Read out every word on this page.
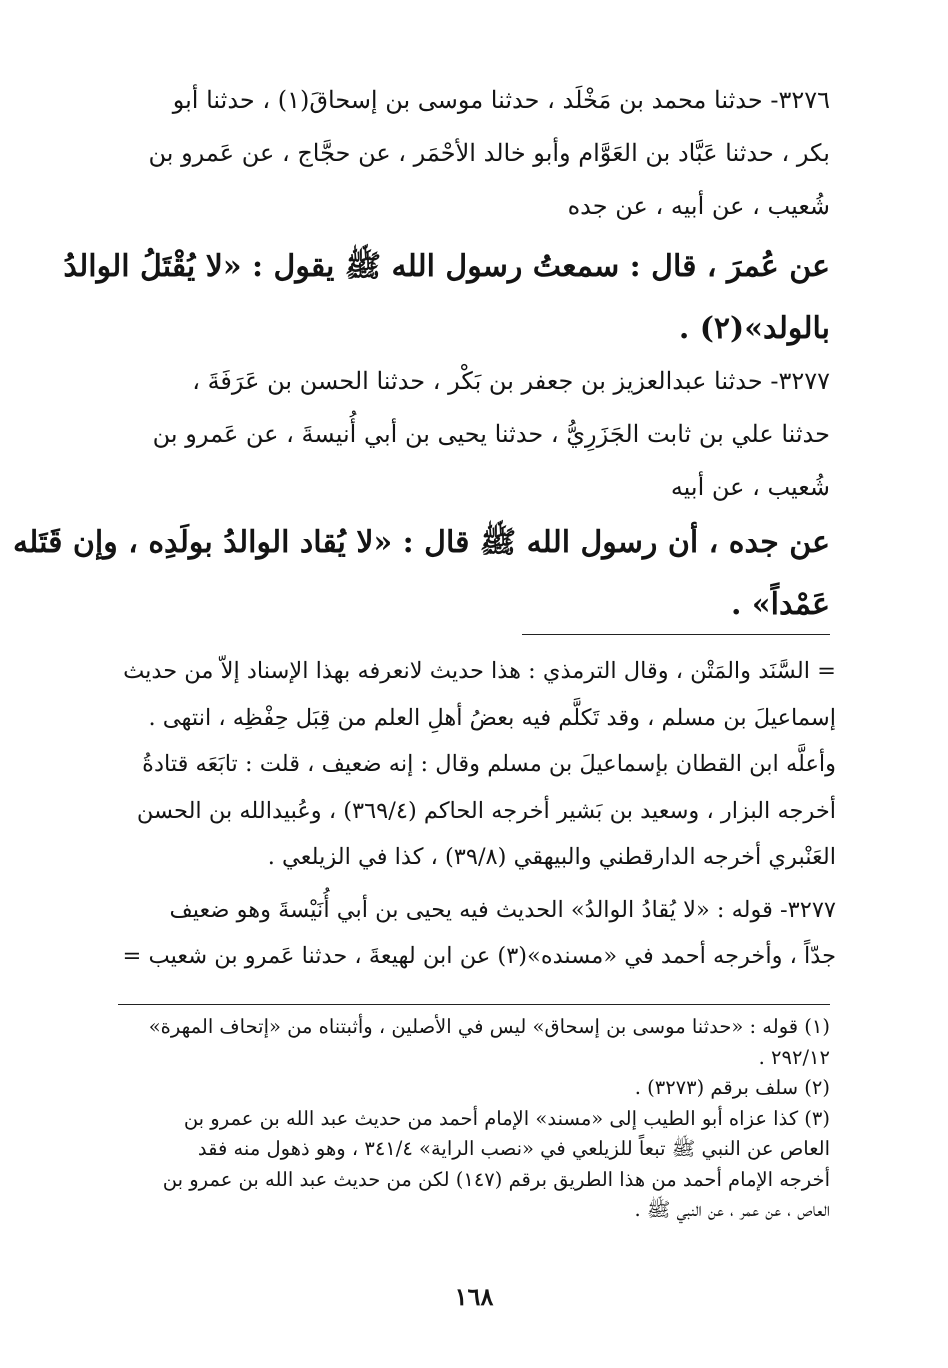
٣٢٧٦- حدثنا محمد بن مَخْلَد ، حدثنا موسى بن إسحاقَ(١) ، حدثنا أبو
بكر ، حدثنا عَبَّاد بن العَوَّام وأبو خالد الأحْمَر ، عن حجَّاج ، عن عَمرو بن
شُعيب ، عن أبيه ، عن جده
عن عُمرَ ، قال : سمعتُ رسول الله ﷺ يقول : «لا يُقْتَلُ الوالدُ
بالولد»(٢) .
٣٢٧٧- حدثنا عبدالعزيز بن جعفر بن بَكْر ، حدثنا الحسن بن عَرَفَةَ ،
حدثنا علي بن ثابت الجَزَرِيُّ ، حدثنا يحيى بن أبي أُنيسةَ ، عن عَمرو بن
شُعيب ، عن أبيه
عن جده ، أن رسول الله ﷺ قال : «لا يُقاد الوالدُ بولَدِه ، وإن قَتَله
عَمْداً» .
= السَّنَد والمَتْن ، وقال الترمذي : هذا حديث لانعرفه بهذا الإسناد إلاّ من حديث
إسماعيلَ بن مسلم ، وقد تَكلَّم فيه بعضُ أهلِ العلم من قِبَل حِفْظِه ، انتهى .
وأعلَّه ابن القطان بإسماعيلَ بن مسلم وقال : إنه ضعيف ، قلت : تابَعَه قتادةُ
أخرجه البزار ، وسعيد بن بَشير أخرجه الحاكم (٣٦٩/٤) ، وعُبيدالله بن الحسن
العَنْبري أخرجه الدارقطني والبيهقي (٣٩/٨) ، كذا في الزيلعي .
٣٢٧٧- قوله : «لا يُقادُ الوالدُ» الحديث فيه يحيى بن أبي أُنَيْسةَ وهو ضعيف
جدّاً ، وأخرجه أحمد في «مسنده»(٣) عن ابن لهيعةَ ، حدثنا عَمرو بن شعيب =
(١) قوله : «حدثنا موسى بن إسحاق» ليس في الأصلين ، وأثبتناه من «إتحاف المهرة»
٢٩٢/١٢ .
(٢) سلف برقم (٣٢٧٣) .
(٣) كذا عزاه أبو الطيب إلى «مسند» الإمام أحمد من حديث عبد الله بن عمرو بن
العاص عن النبي ﷺ تبعاً للزيلعي في «نصب الراية» ٣٤١/٤ ، وهو ذهول منه فقد
أخرجه الإمام أحمد من هذا الطريق برقم (١٤٧) لكن من حديث عبد الله بن عمرو بن
العاص ، عن عمر ، عن النبي ﷺ .
١٦٨
